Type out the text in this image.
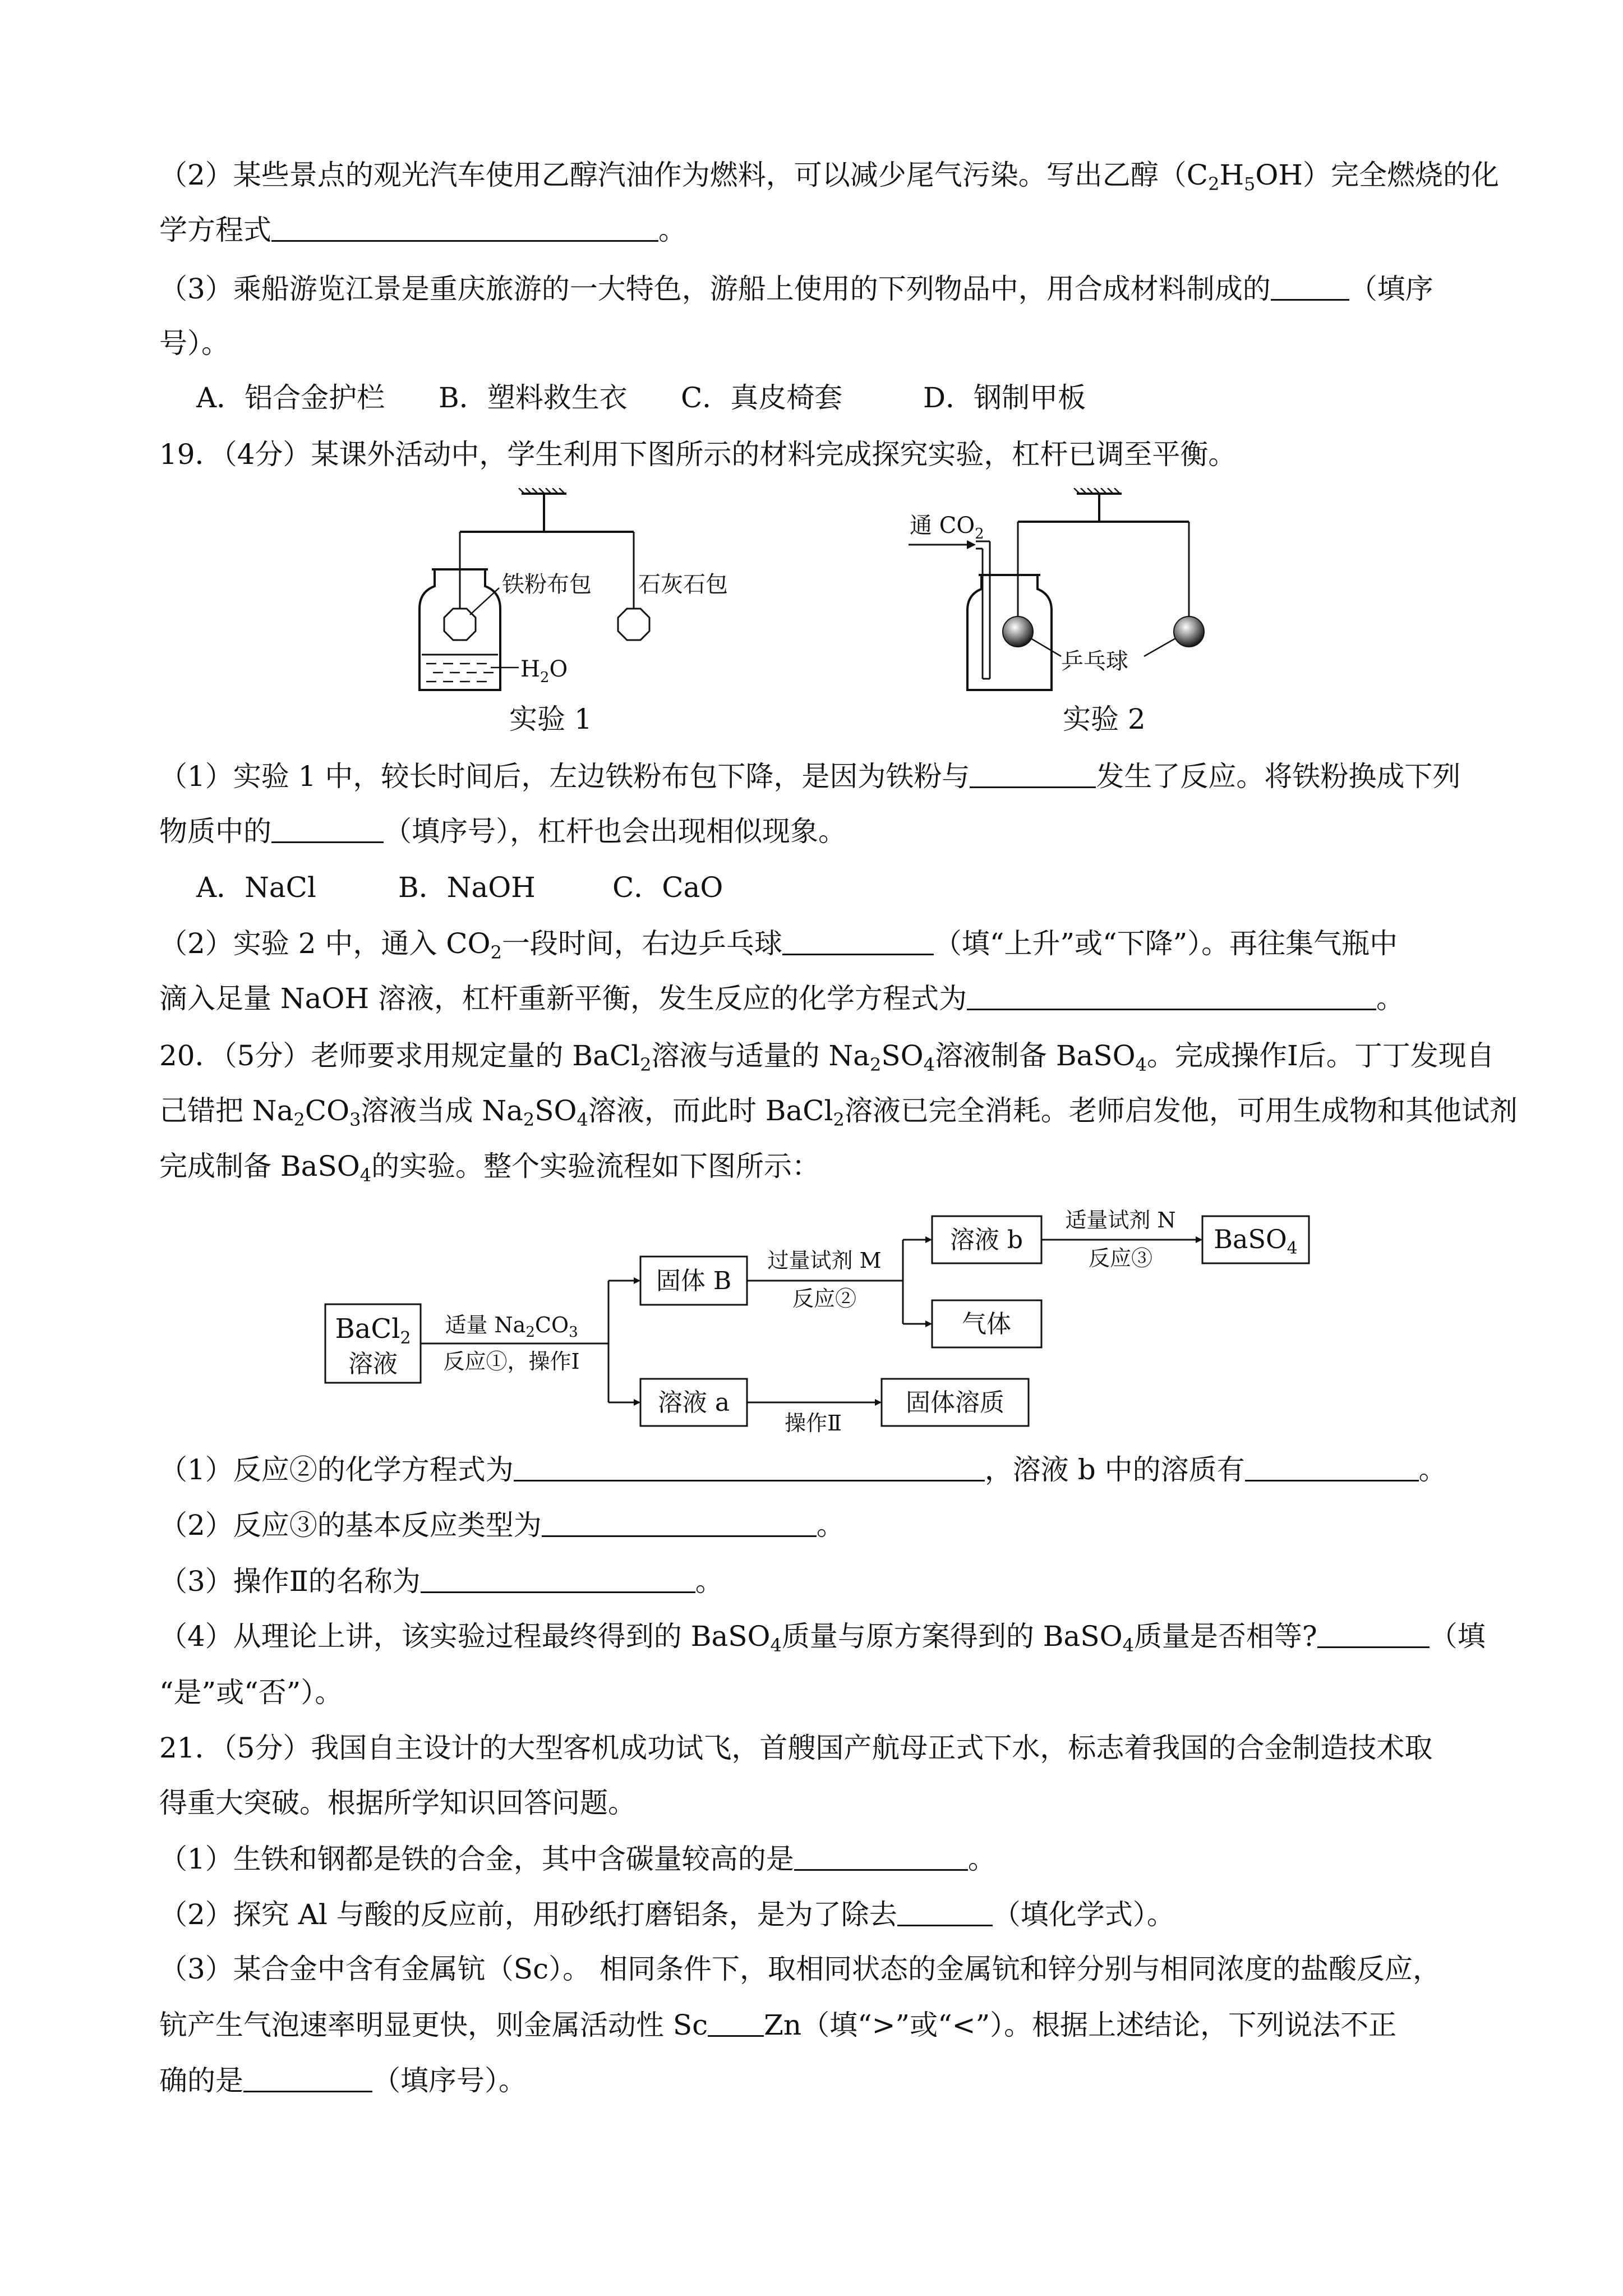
（2）某些景点的观光汽车使用乙醇汽油作为燃料，可以减少尾气污染。写出乙醇$(C_2H_5OH)$完全燃烧的化
学方程式	。
（3）乘船游览江景是重庆旅游的一大特色，游船上使用的下列物品中，用合成材料制成的	（填序
号）。
A．铝合金护栏 B．塑料救生衣 C．真皮椅套	D．钢制甲板
19．（4分）某课外活动中，学生利用下图所示的材料完成探究实验，杠杆已调至平衡。
$H_2O$
铁粉布包 石灰石包
实验 1
通 $CO_2$
乒乓球
实验 2
（1）实验 1 中，较长时间后，左边铁粉布包下降，是因为铁粉与	发生了反应。将铁粉换成下列
物质中的	（填序号），杠杆也会出现相似现象。
A．NaCl	B．NaOH	C．CaO
（2）实验 2 中，通入 $CO_2$一段时间，右边乒乓球	（填“上升”或“下降”）。再往集气瓶中
滴入足量 NaOH 溶液，杠杆重新平衡，发生反应的化学方程式为	。
20．（5分）老师要求用规定量的 BaCl$_2$溶液与适量的 $Na_2SO_4$溶液制备 BaSO$_4$。完成操作Ⅰ后。丁丁发现自
己错把 $Na_2CO_3$溶液当成 $Na_2SO_4$溶液，而此时 BaCl$_2$溶液已完全消耗。老师启发他，可用生成物和其他试剂
完成制备 BaSO$_4$的实验。整个实验流程如下图所示：
BaCl$_2$
溶液
适量 $Na_2CO_3$
反应①，操作Ⅰ
固体 B
过量试剂 M
反应②
溶液 b
气体
适量试剂 N
反应③
BaSO$_4$
溶液 a
操作Ⅱ
固体溶质
（1）反应②的化学方程式为	，溶液 b 中的溶质有	。
（2）反应③的基本反应类型为	。
（3）操作Ⅱ的名称为	。
（4）从理论上讲，该实验过程最终得到的 BaSO$_4$质量与原方案得到的 BaSO$_4$质量是否相等?	（填
“是”或“否”）。
21．（5分）我国自主设计的大型客机成功试飞，首艘国产航母正式下水，标志着我国的合金制造技术取
得重大突破。根据所学知识回答问题。
（1）生铁和钢都是铁的合金，其中含碳量较高的是	。
（2）探究 Al 与酸的反应前，用砂纸打磨铝条，是为了除去	（填化学式）。
（3）某合金中含有金属钪（Sc）。 相同条件下，取相同状态的金属钪和锌分别与相同浓度的盐酸反应，
钪产生气泡速率明显更快，则金属活动性 Sc Zn（填“>”或“<”）。根据上述结论，下列说法不正
确的是	（填序号）。
